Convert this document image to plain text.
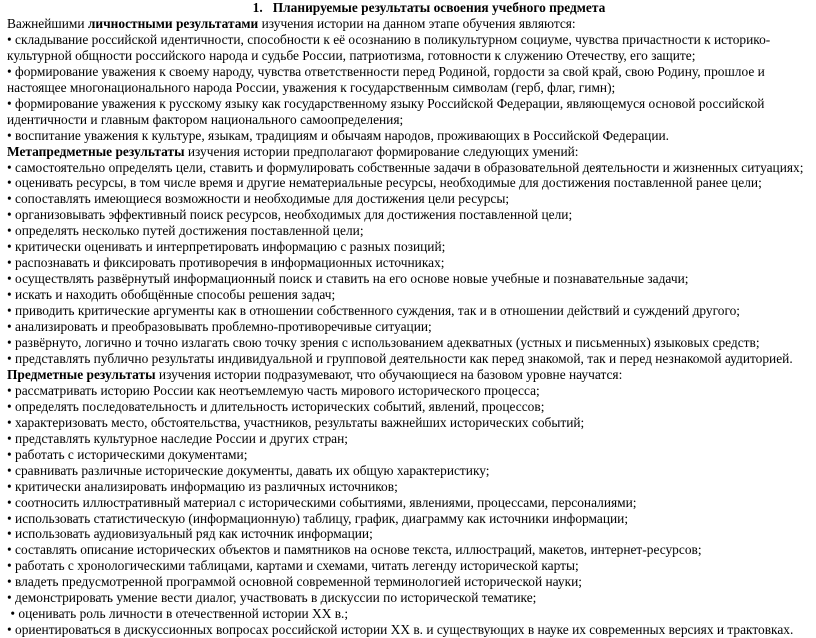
1.   Планируемые результаты освоения учебного предмета
Важнейшими личностными результатами изучения истории на данном этапе обучения являются:
• складывание российской идентичности, способности к её осознанию в поликультурном социуме, чувства причастности к историко-культурной общности российского народа и судьбе России, патриотизма, готовности к служению Отечеству, его защите;
• формирование уважения к своему народу, чувства ответственности перед Родиной, гордости за свой край, свою Родину, прошлое и настоящее многонационального народа России, уважения к государственным символам (герб, флаг, гимн);
• формирование уважения к русскому языку как государственному языку Российской Федерации, являющемуся основой российской идентичности и главным фактором национального самоопределения;
• воспитание уважения к культуре, языкам, традициям и обычаям народов, проживающих в Российской Федерации.
Метапредметные результаты изучения истории предполагают формирование следующих умений:
• самостоятельно определять цели, ставить и формулировать собственные задачи в образовательной деятельности и жизненных ситуациях;
• оценивать ресурсы, в том числе время и другие нематериальные ресурсы, необходимые для достижения поставленной ранее цели;
• сопоставлять имеющиеся возможности и необходимые для достижения цели ресурсы;
• организовывать эффективный поиск ресурсов, необходимых для достижения поставленной цели;
• определять несколько путей достижения поставленной цели;
• критически оценивать и интерпретировать информацию с разных позиций;
• распознавать и фиксировать противоречия в информационных источниках;
• осуществлять развёрнутый информационный поиск и ставить на его основе новые учебные и познавательные задачи;
• искать и находить обобщённые способы решения задач;
• приводить критические аргументы как в отношении собственного суждения, так и в отношении действий и суждений другого;
• анализировать и преобразовывать проблемно-противоречивые ситуации;
• развёрнуто, логично и точно излагать свою точку зрения с использованием адекватных (устных и письменных) языковых средств;
• представлять публично результаты индивидуальной и групповой деятельности как перед знакомой, так и перед незнакомой аудиторией.
Предметные результаты изучения истории подразумевают, что обучающиеся на базовом уровне научатся:
• рассматривать историю России как неотъемлемую часть мирового исторического процесса;
• определять последовательность и длительность исторических событий, явлений, процессов;
• характеризовать место, обстоятельства, участников, результаты важнейших исторических событий;
• представлять культурное наследие России и других стран;
• работать с историческими документами;
• сравнивать различные исторические документы, давать их общую характеристику;
• критически анализировать информацию из различных источников;
• соотносить иллюстративный материал с историческими событиями, явлениями, процессами, персоналиями;
• использовать статистическую (информационную) таблицу, график, диаграмму как источники информации;
• использовать аудиовизуальный ряд как источник информации;
• составлять описание исторических объектов и памятников на основе текста, иллюстраций, макетов, интернет-ресурсов;
• работать с хронологическими таблицами, картами и схемами, читать легенду исторической карты;
• владеть предусмотренной программой основной современной терминологией исторической науки;
• демонстрировать умение вести диалог, участвовать в дискуссии по исторической тематике;
• оценивать роль личности в отечественной истории XX в.;
• ориентироваться в дискуссионных вопросах российской истории XX в. и существующих в науке их современных версиях и трактовках.
